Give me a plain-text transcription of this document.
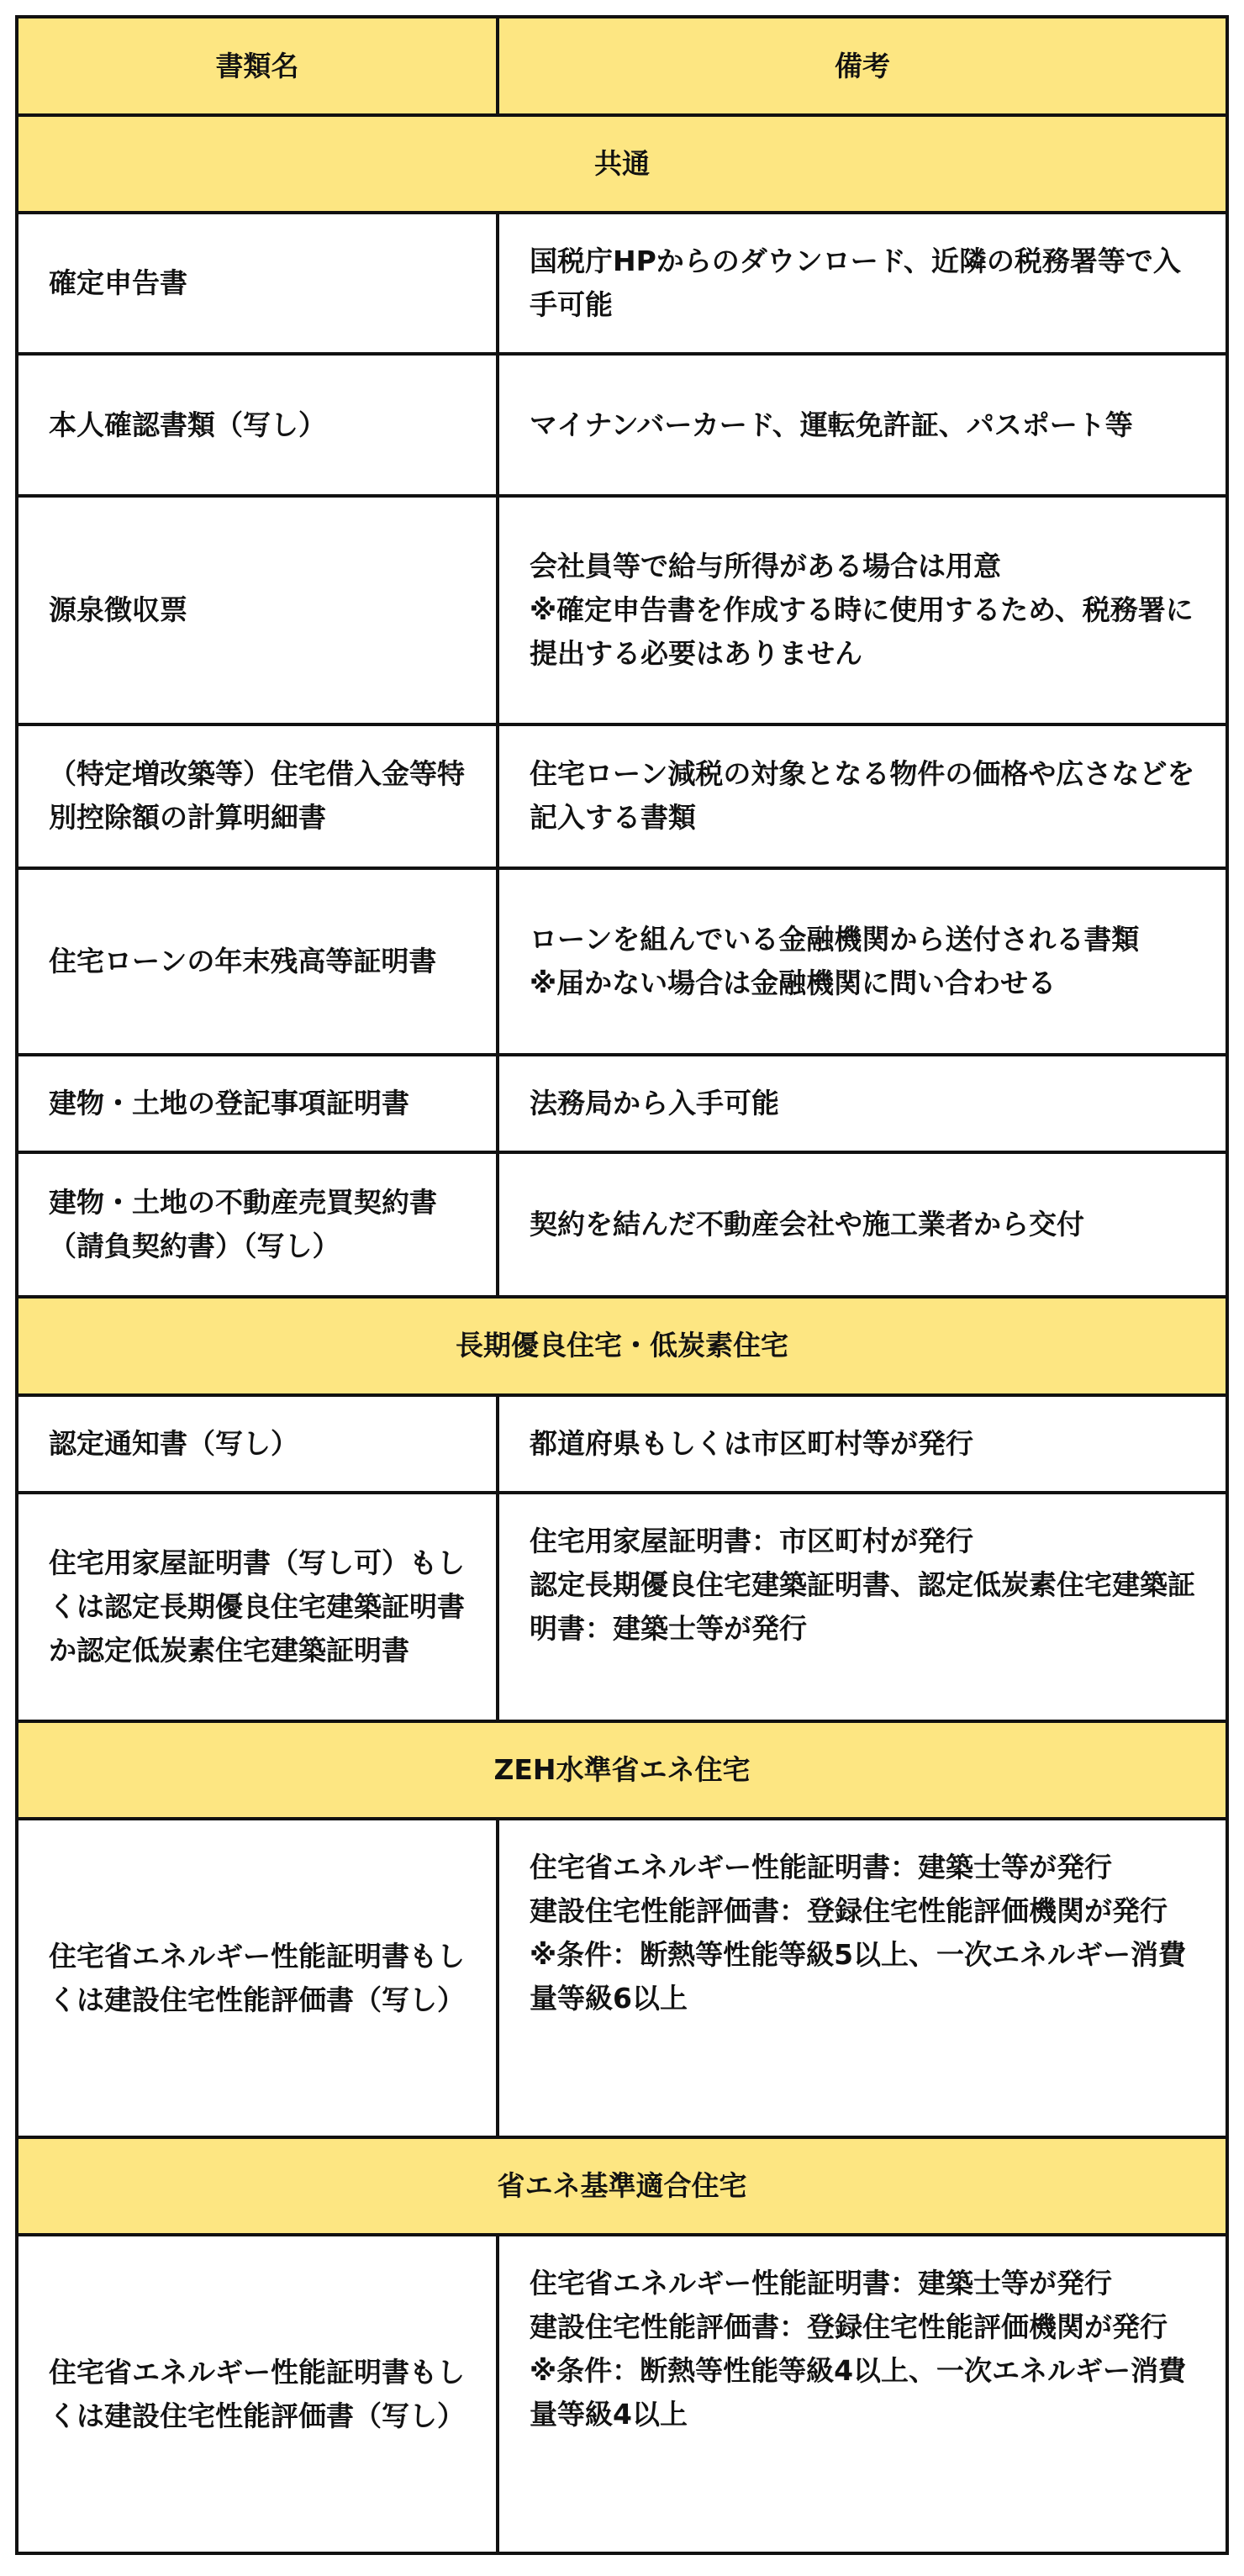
書類名	備考
共通	
確定申告書	国税庁HPからのダウンロード、近隣の税務署等で入手可能
本人確認書類（写し）	マイナンバーカード、運転免許証、パスポート等
源泉徴収票	会社員等で給与所得がある場合は用意
※確定申告書を作成する時に使用するため、税務署に提出する必要はありません
（特定増改築等）住宅借入金等特別控除額の計算明細書	住宅ローン減税の対象となる物件の価格や広さなどを記入する書類
住宅ローンの年末残高等証明書	ローンを組んでいる金融機関から送付される書類
※届かない場合は金融機関に問い合わせる
建物・土地の登記事項証明書	法務局から入手可能
建物・土地の不動産売買契約書（請負契約書）（写し）	契約を結んだ不動産会社や施工業者から交付
長期優良住宅・低炭素住宅	
認定通知書（写し）	都道府県もしくは市区町村等が発行
住宅用家屋証明書（写し可）もしくは認定長期優良住宅建築証明書か認定低炭素住宅建築証明書	住宅用家屋証明書：市区町村が発行
認定長期優良住宅建築証明書、認定低炭素住宅建築証明書：建築士等が発行
ZEH水準省エネ住宅	
住宅省エネルギー性能証明書もしくは建設住宅性能評価書（写し）	住宅省エネルギー性能証明書：建築士等が発行
建設住宅性能評価書：登録住宅性能評価機関が発行
※条件：断熱等性能等級5以上、一次エネルギー消費量等級6以上
省エネ基準適合住宅	
住宅省エネルギー性能証明書もしくは建設住宅性能評価書（写し）	住宅省エネルギー性能証明書：建築士等が発行
建設住宅性能評価書：登録住宅性能評価機関が発行
※条件：断熱等性能等級4以上、一次エネルギー消費量等級4以上
